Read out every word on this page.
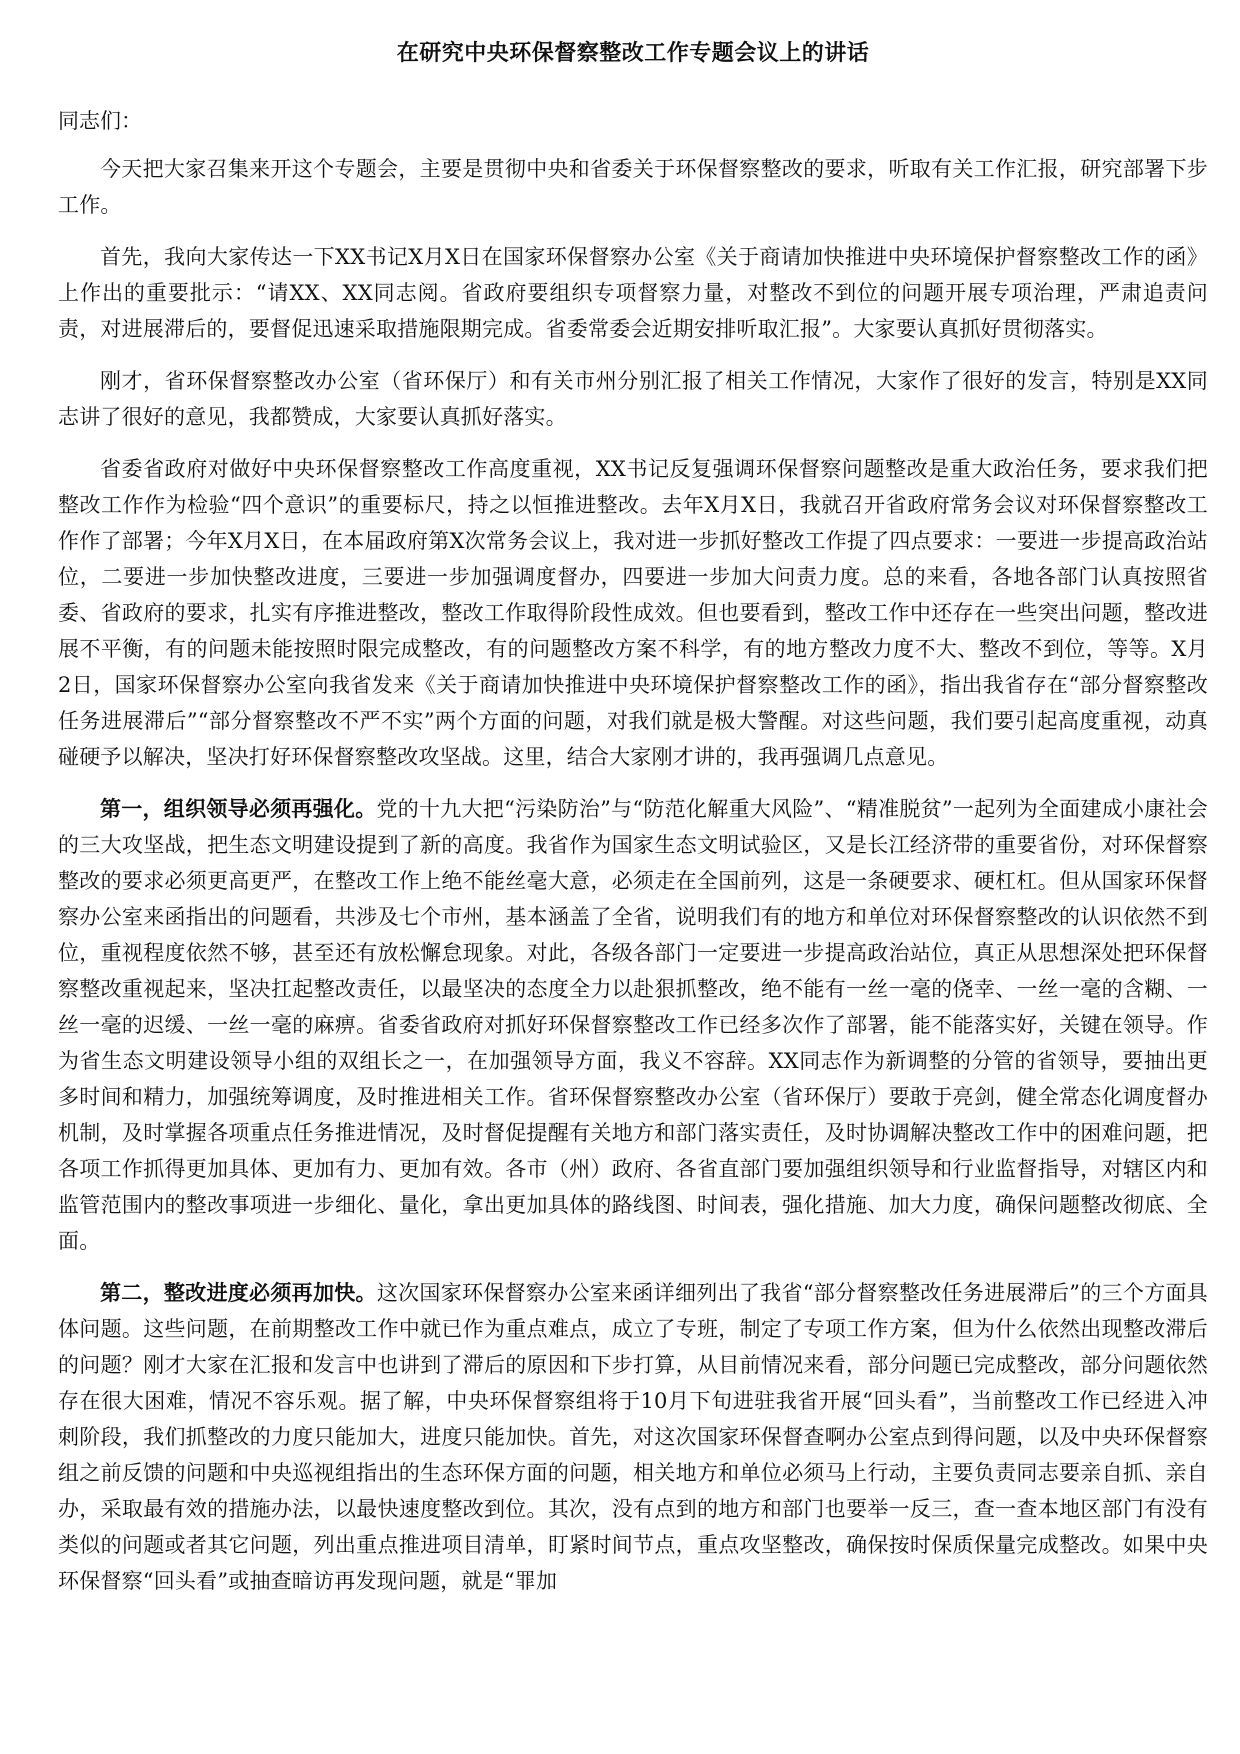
在研究中央环保督察整改工作专题会议上的讲话
同志们：

今天把大家召集来开这个专题会，主要是贯彻中央和省委关于环保督察整改的要求，听取有关工作汇报，研究部署下步工作。

首先，我向大家传达一下XX书记X月X日在国家环保督察办公室《关于商请加快推进中央环境保护督察整改工作的函》上作出的重要批示：“请XX、XX同志阅。省政府要组织专项督察力量，对整改不到位的问题开展专项治理，严肃追责问责，对进展滞后的，要督促迅速采取措施限期完成。省委常委会近期安排听取汇报”。大家要认真抓好贯彻落实。

刚才，省环保督察整改办公室（省环保厅）和有关市州分别汇报了相关工作情况，大家作了很好的发言，特别是XX同志讲了很好的意见，我都赞成，大家要认真抓好落实。

省委省政府对做好中央环保督察整改工作高度重视，XX书记反复强调环保督察问题整改是重大政治任务，要求我们把整改工作作为检验“四个意识”的重要标尺，持之以恒推进整改。去年X月X日，我就召开省政府常务会议对环保督察整改工作作了部署；今年X月X日，在本届政府第X次常务会议上，我对进一步抓好整改工作提了四点要求：一要进一步提高政治站位，二要进一步加快整改进度，三要进一步加强调度督办，四要进一步加大问责力度。总的来看，各地各部门认真按照省委、省政府的要求，扎实有序推进整改，整改工作取得阶段性成效。但也要看到，整改工作中还存在一些突出问题，整改进展不平衡，有的问题未能按照时限完成整改，有的问题整改方案不科学，有的地方整改力度不大、整改不到位，等等。X月2日，国家环保督察办公室向我省发来《关于商请加快推进中央环境保护督察整改工作的函》，指出我省存在“部分督察整改任务进展滞后”“部分督察整改不严不实”两个方面的问题，对我们就是极大警醒。对这些问题，我们要引起高度重视，动真碰硬予以解决，坚决打好环保督察整改攻坚战。这里，结合大家刚才讲的，我再强调几点意见。

第一，组织领导必须再强化。党的十九大把“污染防治”与“防范化解重大风险”、“精准脱贫”一起列为全面建成小康社会的三大攻坚战，把生态文明建设提到了新的高度。我省作为国家生态文明试验区，又是长江经济带的重要省份，对环保督察整改的要求必须更高更严，在整改工作上绝不能丝毫大意，必须走在全国前列，这是一条硬要求、硬杠杠。但从国家环保督察办公室来函指出的问题看，共涉及七个市州，基本涵盖了全省，说明我们有的地方和单位对环保督察整改的认识依然不到位，重视程度依然不够，甚至还有放松懈怠现象。对此，各级各部门一定要进一步提高政治站位，真正从思想深处把环保督察整改重视起来，坚决扛起整改责任，以最坚决的态度全力以赴狠抓整改，绝不能有一丝一毫的侥幸、一丝一毫的含糊、一丝一毫的迟缓、一丝一毫的麻痹。省委省政府对抓好环保督察整改工作已经多次作了部署，能不能落实好，关键在领导。作为省生态文明建设领导小组的双组长之一，在加强领导方面，我义不容辞。XX同志作为新调整的分管的省领导，要抽出更多时间和精力，加强统筹调度，及时推进相关工作。省环保督察整改办公室（省环保厅）要敢于亮剑，健全常态化调度督办机制，及时掌握各项重点任务推进情况，及时督促提醒有关地方和部门落实责任，及时协调解决整改工作中的困难问题，把各项工作抓得更加具体、更加有力、更加有效。各市（州）政府、各省直部门要加强组织领导和行业监督指导，对辖区内和监管范围内的整改事项进一步细化、量化，拿出更加具体的路线图、时间表，强化措施、加大力度，确保问题整改彻底、全面。

第二，整改进度必须再加快。这次国家环保督察办公室来函详细列出了我省“部分督察整改任务进展滞后”的三个方面具体问题。这些问题，在前期整改工作中就已作为重点难点，成立了专班，制定了专项工作方案，但为什么依然出现整改滞后的问题？刚才大家在汇报和发言中也讲到了滞后的原因和下步打算，从目前情况来看，部分问题已完成整改，部分问题依然存在很大困难，情况不容乐观。据了解，中央环保督察组将于10月下旬进驻我省开展“回头看”，当前整改工作已经进入冲刺阶段，我们抓整改的力度只能加大，进度只能加快。首先，对这次国家环保督查啊办公室点到得问题，以及中央环保督察组之前反馈的问题和中央巡视组指出的生态环保方面的问题，相关地方和单位必须马上行动，主要负责同志要亲自抓、亲自办，采取最有效的措施办法，以最快速度整改到位。其次，没有点到的地方和部门也要举一反三，查一查本地区部门有没有类似的问题或者其它问题，列出重点推进项目清单，盯紧时间节点，重点攻坚整改，确保按时保质保量完成整改。如果中央环保督察“回头看”或抽查暗访再发现问题，就是“罪加
